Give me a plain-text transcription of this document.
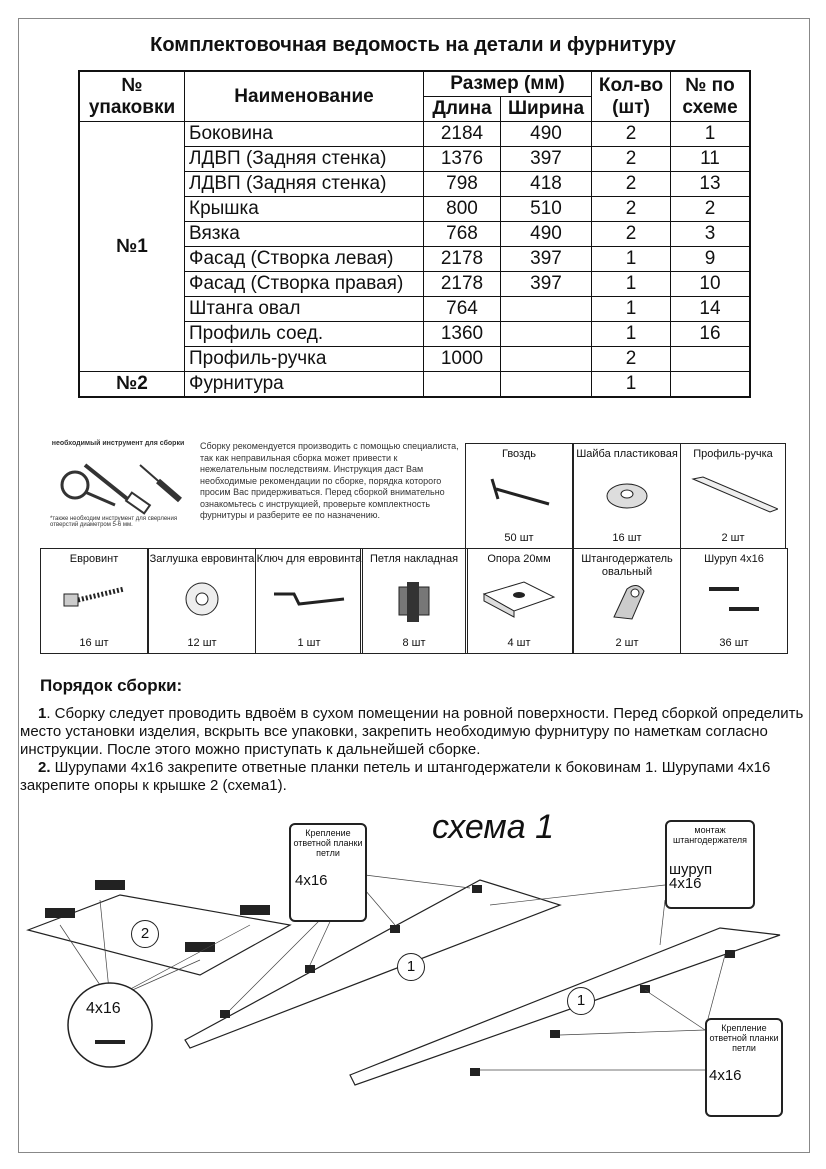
Комплектовочная ведомость на детали и фурнитуру
№ упаковки	Наименование	Размер (мм)		Кол-во (шт)	№ по схеме
		Длина	Ширина		
№1	Боковина	2184	490	2	1
	ЛДВП (Задняя стенка)	1376	397	2	11
	ЛДВП (Задняя стенка)	798	418	2	13
	Крышка	800	510	2	2
	Вязка	768	490	2	3
	Фасад (Створка левая)	2178	397	1	9
	Фасад (Створка правая)	2178	397	1	10
	Штанга овал	764		1	14
	Профиль соед.	1360		1	16
	Профиль-ручка	1000		2	
№2	Фурнитура			1	
необходимый инструмент для сборки
*также необходим инструмент для сверления отверстий диаметром 5-6 мм.
Сборку рекомендуется производить с помощью специалиста, так как неправильная сборка может привести к нежелательным последствиям. Инструкция даст Вам необходимые рекомендации по сборке, порядка которого просим Вас придерживаться. Перед сборкой внимательно ознакомьтесь с инструкцией, проверьте комплектность фурнитуры и разберите ее по назначению.
Гвоздь
50 шт
Шайба пластиковая
16 шт
Профиль-ручка
2 шт
Евровинт
16 шт
Заглушка евровинта
12 шт
Ключ для евровинта
1 шт
Петля накладная
8 шт
Опора 20мм
4 шт
Штангодержатель овальный
2 шт
Шуруп 4х16
36 шт
Порядок сборки:
1. Сборку следует проводить вдвоём в сухом помещении на ровной поверхности. Перед сборкой определить место установки изделия, вскрыть все упаковки, закрепить необходимую фурнитуру по наметкам согласно инструкции. После этого можно приступать к дальнейшей сборке.
2. Шурупами 4х16 закрепите ответные планки петель и штангодержатели к боковинам 1. Шурупами 4х16 закрепите опоры к крышке 2 (схема1).
схема 1
2
1
1
4х16
Крепление ответной планки петли
4х16
монтаж штангодержателя
шуруп
4х16
Крепление ответной планки петли
4х16
